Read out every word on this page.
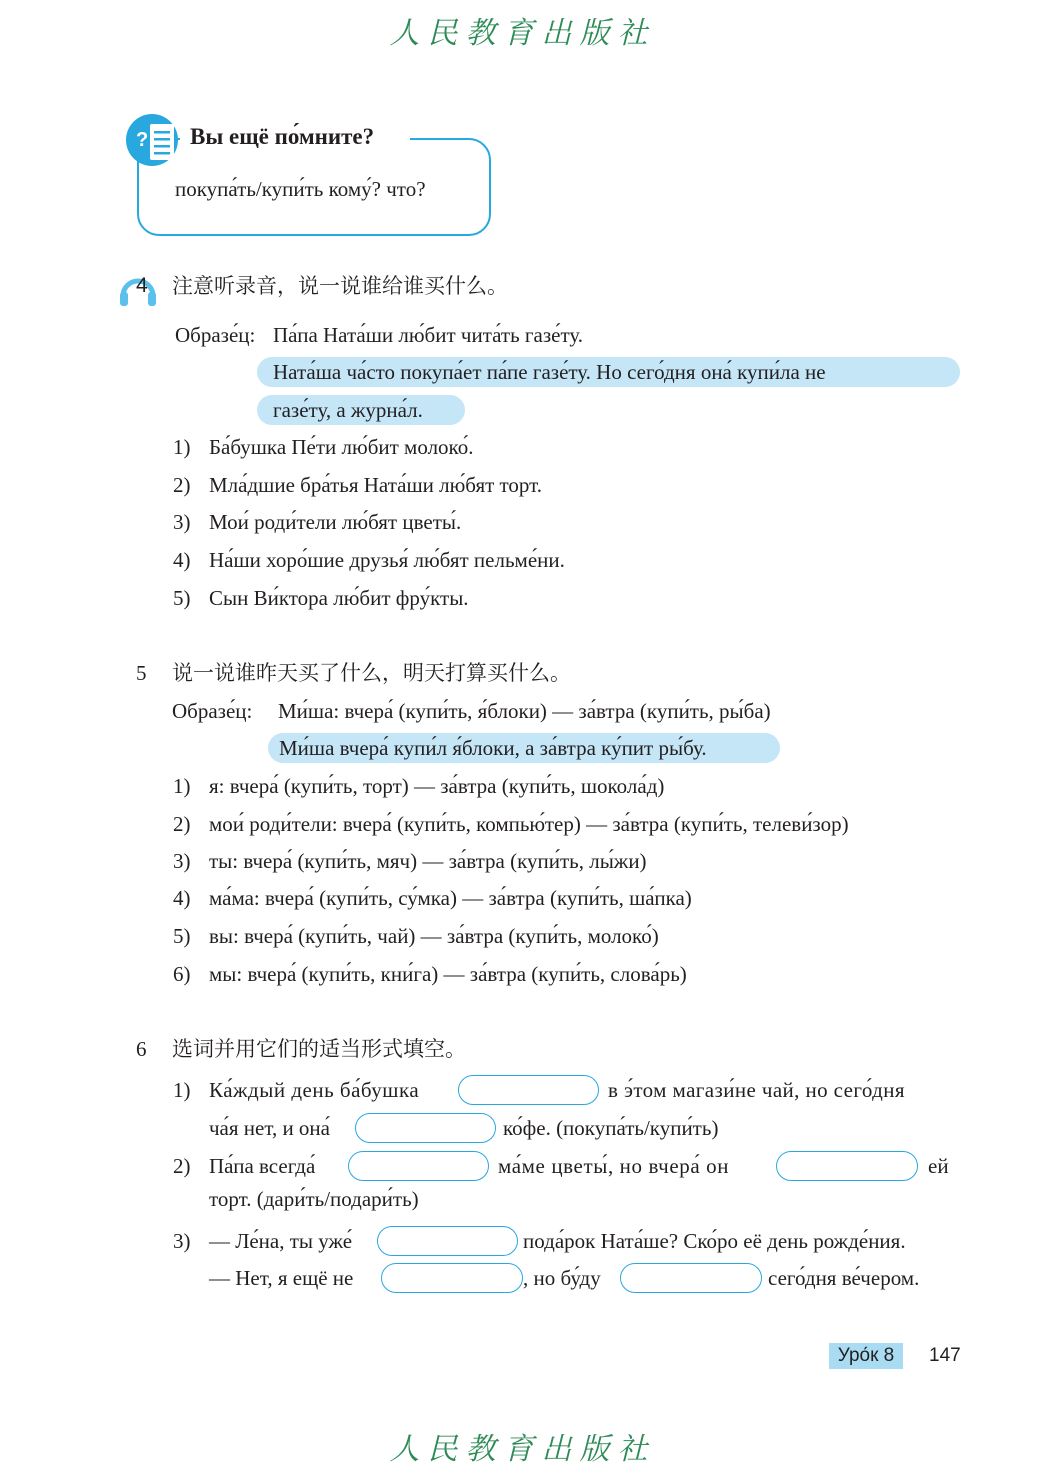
人民教育出版社
? Вы ещё по́мните?
покупа́ть/купи́ть кому́? что?
4 注意听录音，说一说谁给谁买什么。
Образе́ц: Па́па Ната́ши лю́бит чита́ть газе́ту.
Ната́ша ча́сто покупа́ет па́пе газе́ту. Но сего́дня она́ купи́ла не
газе́ту, а журна́л.
1) Ба́бушка Пе́ти лю́бит молоко́.
2) Мла́дшие бра́тья Ната́ши лю́бят торт.
3) Мои́ роди́тели лю́бят цветы́.
4) На́ши хоро́шие друзья́ лю́бят пельме́ни.
5) Сын Ви́ктора лю́бит фру́кты.
5 说一说谁昨天买了什么，明天打算买什么。
Образе́ц: Ми́ша: вчера́ (купи́ть, я́блоки) — за́втра (купи́ть, ры́ба)
Ми́ша вчера́ купи́л я́блоки, а за́втра ку́пит ры́бу.
1) я: вчера́ (купи́ть, торт) — за́втра (купи́ть, шокола́д)
2) мои́ роди́тели: вчера́ (купи́ть, компью́тер) — за́втра (купи́ть, телеви́зор)
3) ты: вчера́ (купи́ть, мяч) — за́втра (купи́ть, лы́жи)
4) ма́ма: вчера́ (купи́ть, су́мка) — за́втра (купи́ть, ша́пка)
5) вы: вчера́ (купи́ть, чай) — за́втра (купи́ть, молоко́)
6) мы: вчера́ (купи́ть, кни́га) — за́втра (купи́ть, слова́рь)
6 选词并用它们的适当形式填空。
1) Ка́ждый день ба́бушка	в э́том магази́не чай, но сего́дня
ча́я нет, и она́	ко́фе. (покупа́ть/купи́ть)
2) Па́па всегда́	ма́ме цветы́, но вчера́ он	ей
торт. (дари́ть/подари́ть)
3) — Ле́на, ты уже́	пода́рок Ната́ше? Ско́ро её день рожде́ния.
— Нет, я ещё не	, но бу́ду	сего́дня ве́чером.
Уро́к 8	147
人民教育出版社
